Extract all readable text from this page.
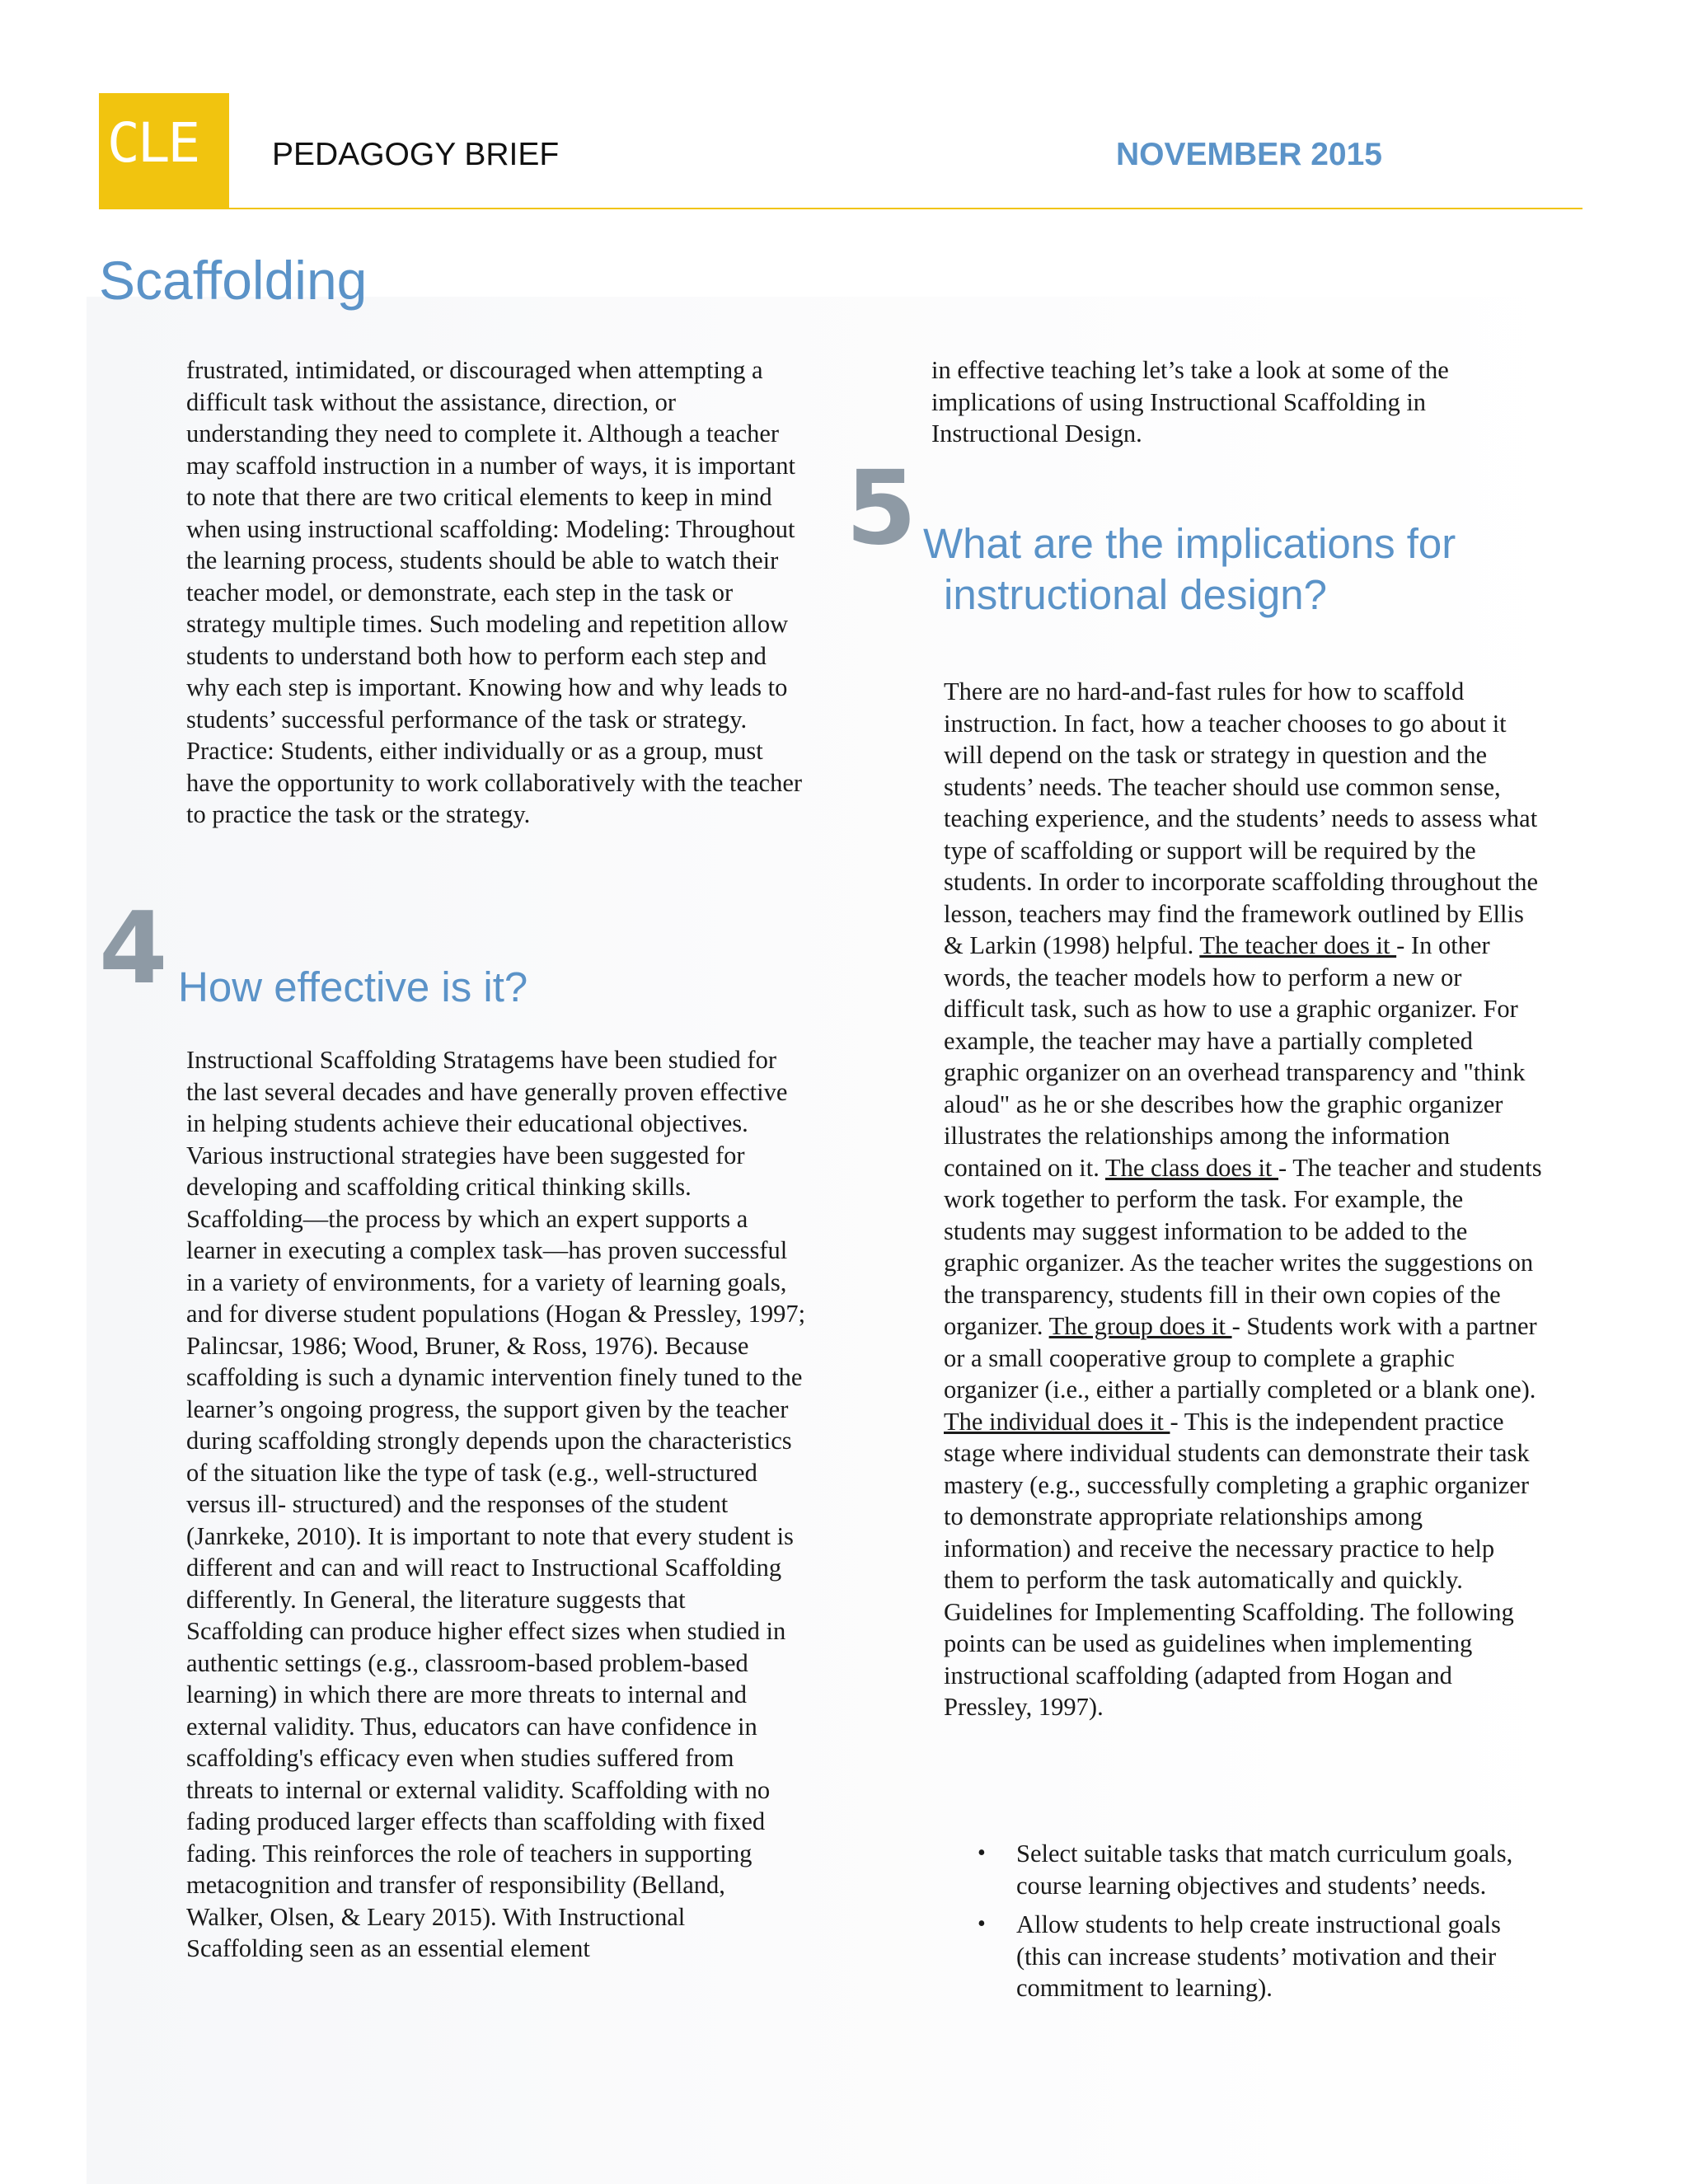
CLE PEDAGOGY BRIEF	NOVEMBER 2015
Scaffolding

frustrated, intimidated, or discouraged when attempting a difficult task without the assistance, direction, or understanding they need to complete it. Although a teacher may scaffold instruction in a number of ways, it is important to note that there are two critical elements to keep in mind when using instructional scaffolding: Modeling: Throughout the learning process, students should be able to watch their teacher model, or demonstrate, each step in the task or strategy multiple times. Such modeling and repetition allow students to understand both how to perform each step and why each step is important. Knowing how and why leads to students’ successful performance of the task or strategy. Practice: Students, either individually or as a group, must have the opportunity to work collaboratively with the teacher to practice the task or the strategy.

4 How effective is it?

Instructional Scaffolding Stratagems have been studied for the last several decades and have generally proven effective in helping students achieve their educational objectives. Various instructional strategies have been suggested for developing and scaffolding critical thinking skills. Scaffolding—the process by which an expert supports a learner in executing a complex task—has proven successful in a variety of environments, for a variety of learning goals, and for diverse student populations (Hogan & Pressley, 1997; Palincsar, 1986; Wood, Bruner, & Ross, 1976). Because scaffolding is such a dynamic intervention finely tuned to the learner’s ongoing progress, the support given by the teacher during scaffolding strongly depends upon the characteristics of the situation like the type of task (e.g., well-structured versus ill- structured) and the responses of the student (Janrkeke, 2010). It is important to note that every student is different and can and will react to Instructional Scaffolding differently. In General, the literature suggests that Scaffolding can produce higher effect sizes when studied in authentic settings (e.g., classroom-based problem-based learning) in which there are more threats to internal and external validity. Thus, educators can have confidence in scaffolding's efficacy even when studies suffered from threats to internal or external validity. Scaffolding with no fading produced larger effects than scaffolding with fixed fading. This reinforces the role of teachers in supporting metacognition and transfer of responsibility (Belland, Walker, Olsen, & Leary 2015). With Instructional Scaffolding seen as an essential element

in effective teaching let’s take a look at some of the implications of using Instructional Scaffolding in Instructional Design.

5 What are the implications for
instructional design?

There are no hard-and-fast rules for how to scaffold instruction. In fact, how a teacher chooses to go about it will depend on the task or strategy in question and the students’ needs. The teacher should use common sense, teaching experience, and the students’ needs to assess what type of scaffolding or support will be required by the students. In order to incorporate scaffolding throughout the lesson, teachers may find the framework outlined by Ellis & Larkin (1998) helpful. The teacher does it - In other words, the teacher models how to perform a new or difficult task, such as how to use a graphic organizer. For example, the teacher may have a partially completed graphic organizer on an overhead transparency and "think aloud" as he or she describes how the graphic organizer illustrates the relationships among the information contained on it. The class does it - The teacher and students work together to perform the task. For example, the students may suggest information to be added to the graphic organizer. As the teacher writes the suggestions on the transparency, students fill in their own copies of the organizer. The group does it - Students work with a partner or a small cooperative group to complete a graphic organizer (i.e., either a partially completed or a blank one). The individual does it - This is the independent practice stage where individual students can demonstrate their task mastery (e.g., successfully completing a graphic organizer to demonstrate appropriate relationships among information) and receive the necessary practice to help them to perform the task automatically and quickly. Guidelines for Implementing Scaffolding. The following points can be used as guidelines when implementing instructional scaffolding (adapted from Hogan and Pressley, 1997).

• Select suitable tasks that match curriculum goals, course learning objectives and students’ needs.
• Allow students to help create instructional goals (this can increase students’ motivation and their commitment to learning).
